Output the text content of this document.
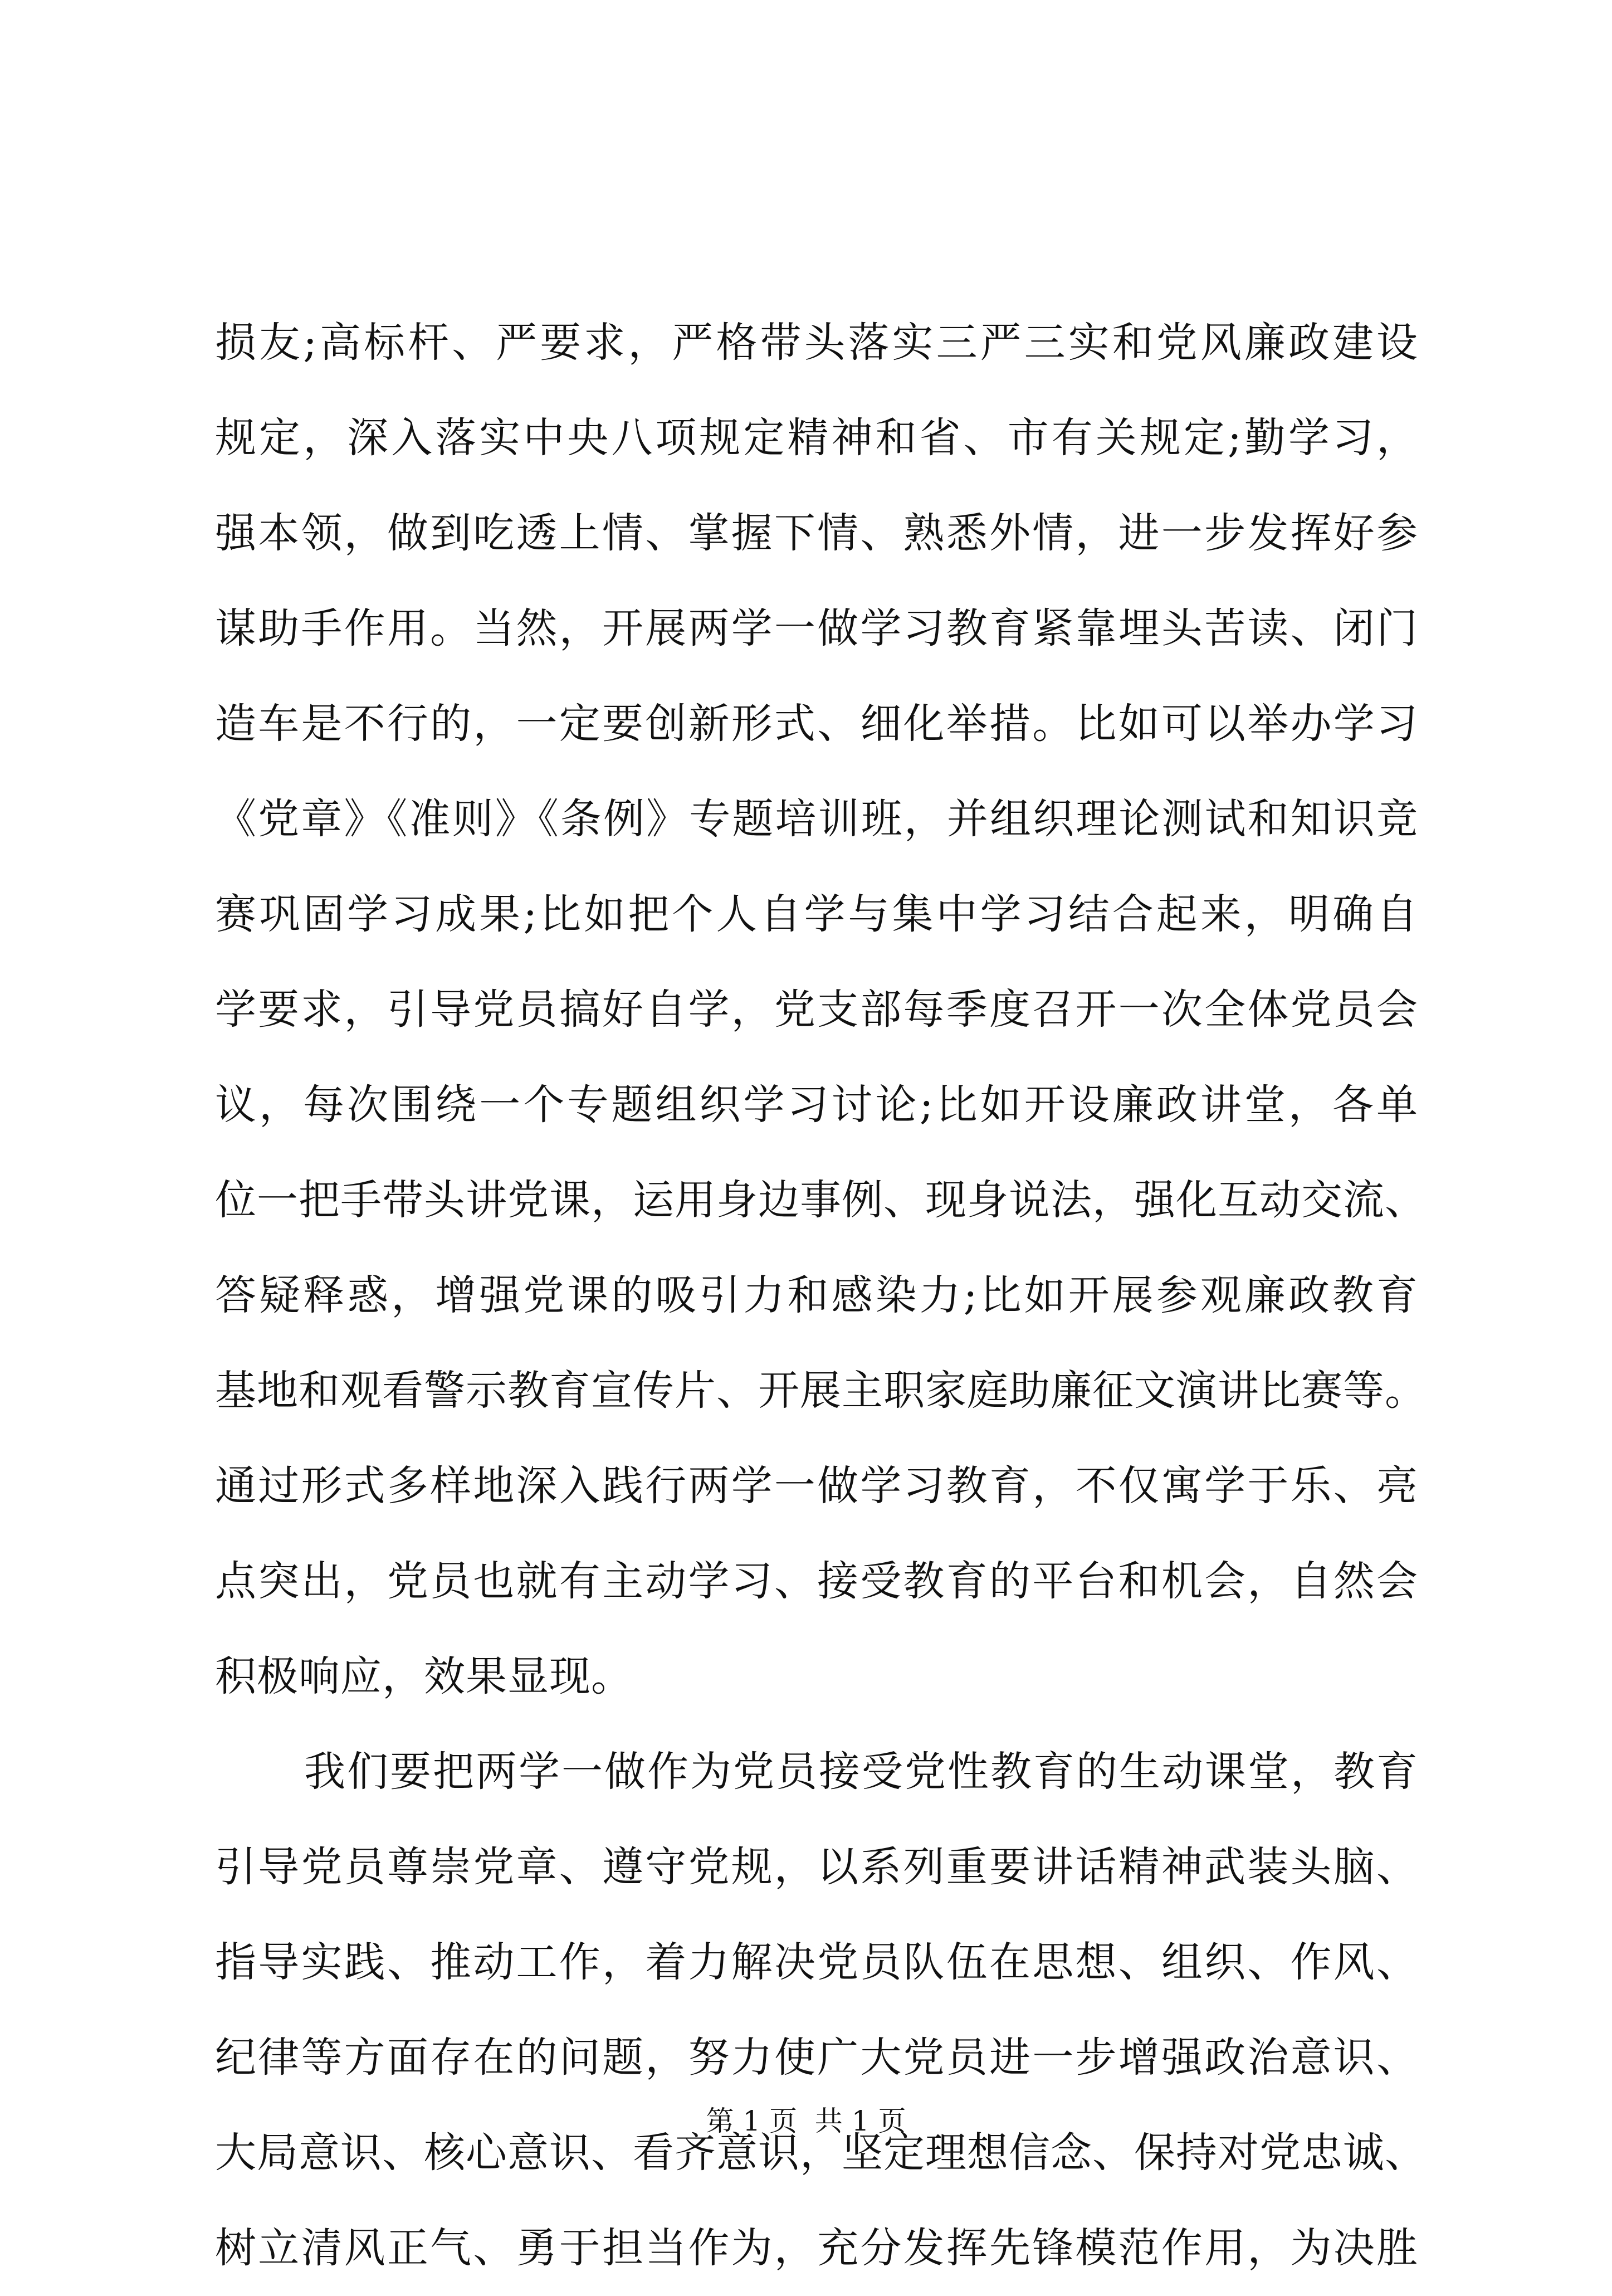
损友;高标杆、严要求，严格带头落实三严三实和党风廉政建设
规定，深入落实中央八项规定精神和省、市有关规定;勤学习，
强本领，做到吃透上情、掌握下情、熟悉外情，进一步发挥好参
谋助手作用。当然，开展两学一做学习教育紧靠埋头苦读、闭门
造车是不行的，一定要创新形式、细化举措。比如可以举办学习
《党章》《准则》《条例》专题培训班，并组织理论测试和知识竞
赛巩固学习成果;比如把个人自学与集中学习结合起来，明确自
学要求，引导党员搞好自学，党支部每季度召开一次全体党员会
议，每次围绕一个专题组织学习讨论;比如开设廉政讲堂，各单
位一把手带头讲党课，运用身边事例、现身说法，强化互动交流、
答疑释惑，增强党课的吸引力和感染力;比如开展参观廉政教育
基地和观看警示教育宣传片、开展主职家庭助廉征文演讲比赛等。
通过形式多样地深入践行两学一做学习教育，不仅寓学于乐、亮
点突出，党员也就有主动学习、接受教育的平台和机会，自然会
积极响应，效果显现。
我们要把两学一做作为党员接受党性教育的生动课堂，教育
引导党员尊崇党章、遵守党规，以系列重要讲话精神武装头脑、
指导实践、推动工作，着力解决党员队伍在思想、组织、作风、
纪律等方面存在的问题，努力使广大党员进一步增强政治意识、
大局意识、核心意识、看齐意识，坚定理想信念、保持对党忠诚、
树立清风正气、勇于担当作为，充分发挥先锋模范作用，为决胜
第 1 页  共 1 页
